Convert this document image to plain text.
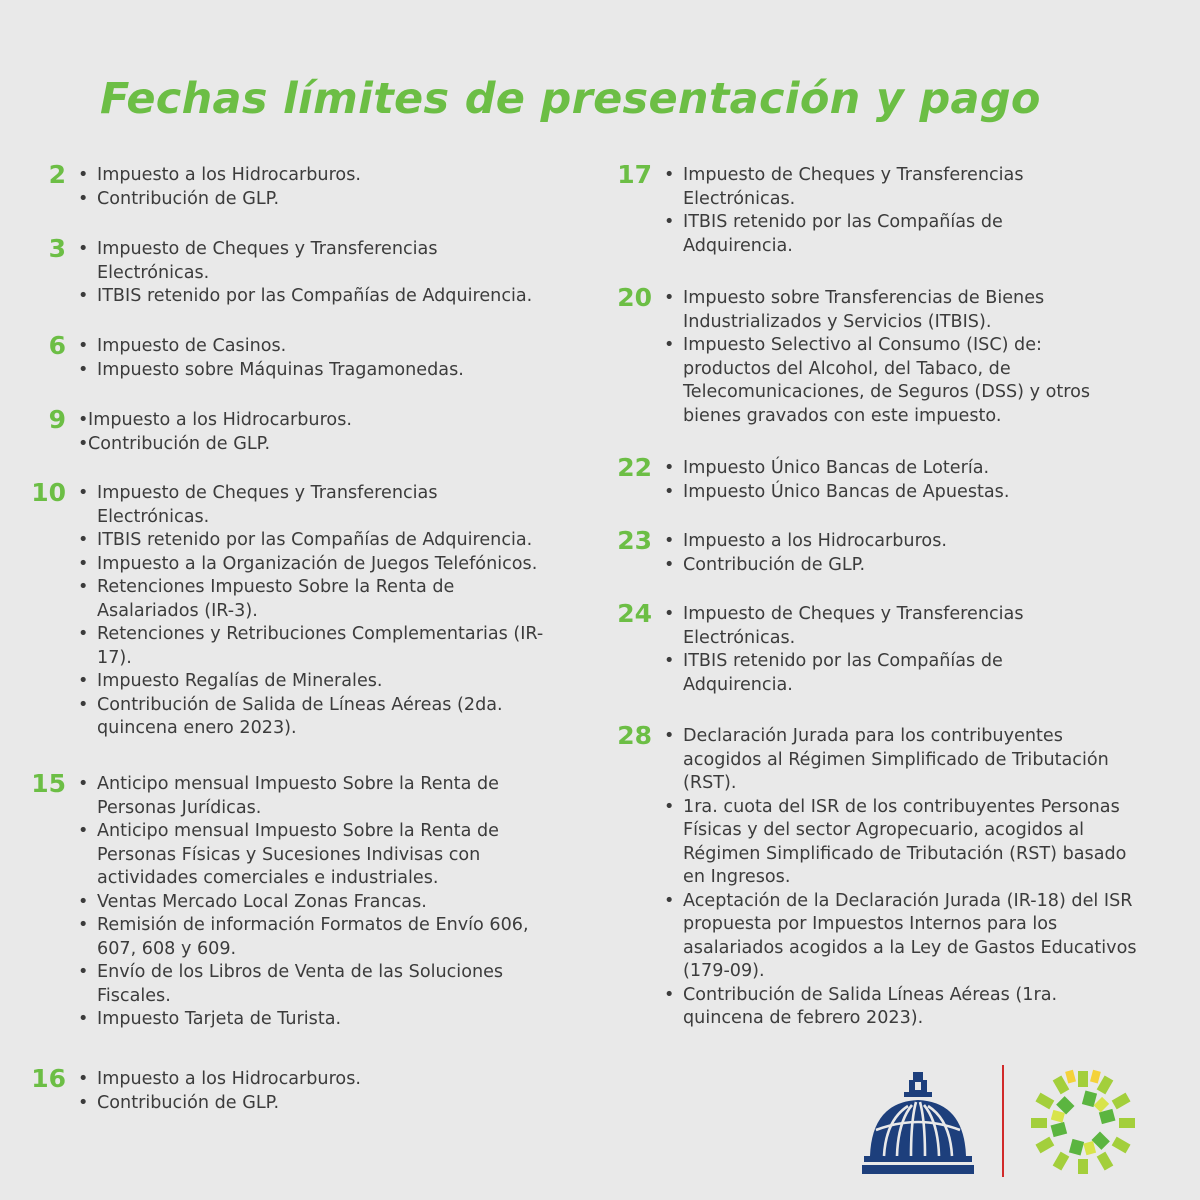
Fechas límites de presentación y pago
2	• Impuesto a los Hidrocarburos.
• Contribución de GLP.
3	• Impuesto de Cheques y Transferencias Electrónicas.
• ITBIS retenido por las Compañías de Adquirencia.
6	• Impuesto de Casinos.
• Impuesto sobre Máquinas Tragamonedas.
9	• Impuesto a los Hidrocarburos.
• Contribución de GLP.
10	• Impuesto de Cheques y Transferencias Electrónicas.
• ITBIS retenido por las Compañías de Adquirencia.
• Impuesto a la Organización de Juegos Telefónicos.
• Retenciones Impuesto Sobre la Renta de Asalariados (IR-3).
• Retenciones y Retribuciones Complementarias (IR-17).
• Impuesto Regalías de Minerales.
• Contribución de Salida de Líneas Aéreas (2da. quincena enero 2023).
15	• Anticipo mensual Impuesto Sobre la Renta de Personas Jurídicas.
• Anticipo mensual Impuesto Sobre la Renta de Personas Físicas y Sucesiones Indivisas con actividades comerciales e industriales.
• Ventas Mercado Local Zonas Francas.
• Remisión de información Formatos de Envío 606, 607, 608 y 609.
• Envío de los Libros de Venta de las Soluciones Fiscales.
• Impuesto Tarjeta de Turista.
16	• Impuesto a los Hidrocarburos.
• Contribución de GLP.
17	• Impuesto de Cheques y Transferencias Electrónicas.
• ITBIS retenido por las Compañías de Adquirencia.
20	• Impuesto sobre Transferencias de Bienes Industrializados y Servicios (ITBIS).
• Impuesto Selectivo al Consumo (ISC) de: productos del Alcohol, del Tabaco, de Telecomunicaciones, de Seguros (DSS) y otros bienes gravados con este impuesto.
22	• Impuesto Único Bancas de Lotería.
• Impuesto Único Bancas de Apuestas.
23	• Impuesto a los Hidrocarburos.
• Contribución de GLP.
24	• Impuesto de Cheques y Transferencias Electrónicas.
• ITBIS retenido por las Compañías de Adquirencia.
28	• Declaración Jurada para los contribuyentes acogidos al Régimen Simplificado de Tributación (RST).
• 1ra. cuota del ISR de los contribuyentes Personas Físicas y del sector Agropecuario, acogidos al Régimen Simplificado de Tributación (RST) basado en Ingresos.
• Aceptación de la Declaración Jurada (IR-18) del ISR propuesta por Impuestos Internos para los asalariados acogidos a la Ley de Gastos Educativos (179-09).
• Contribución de Salida Líneas Aéreas (1ra. quincena de febrero 2023).
